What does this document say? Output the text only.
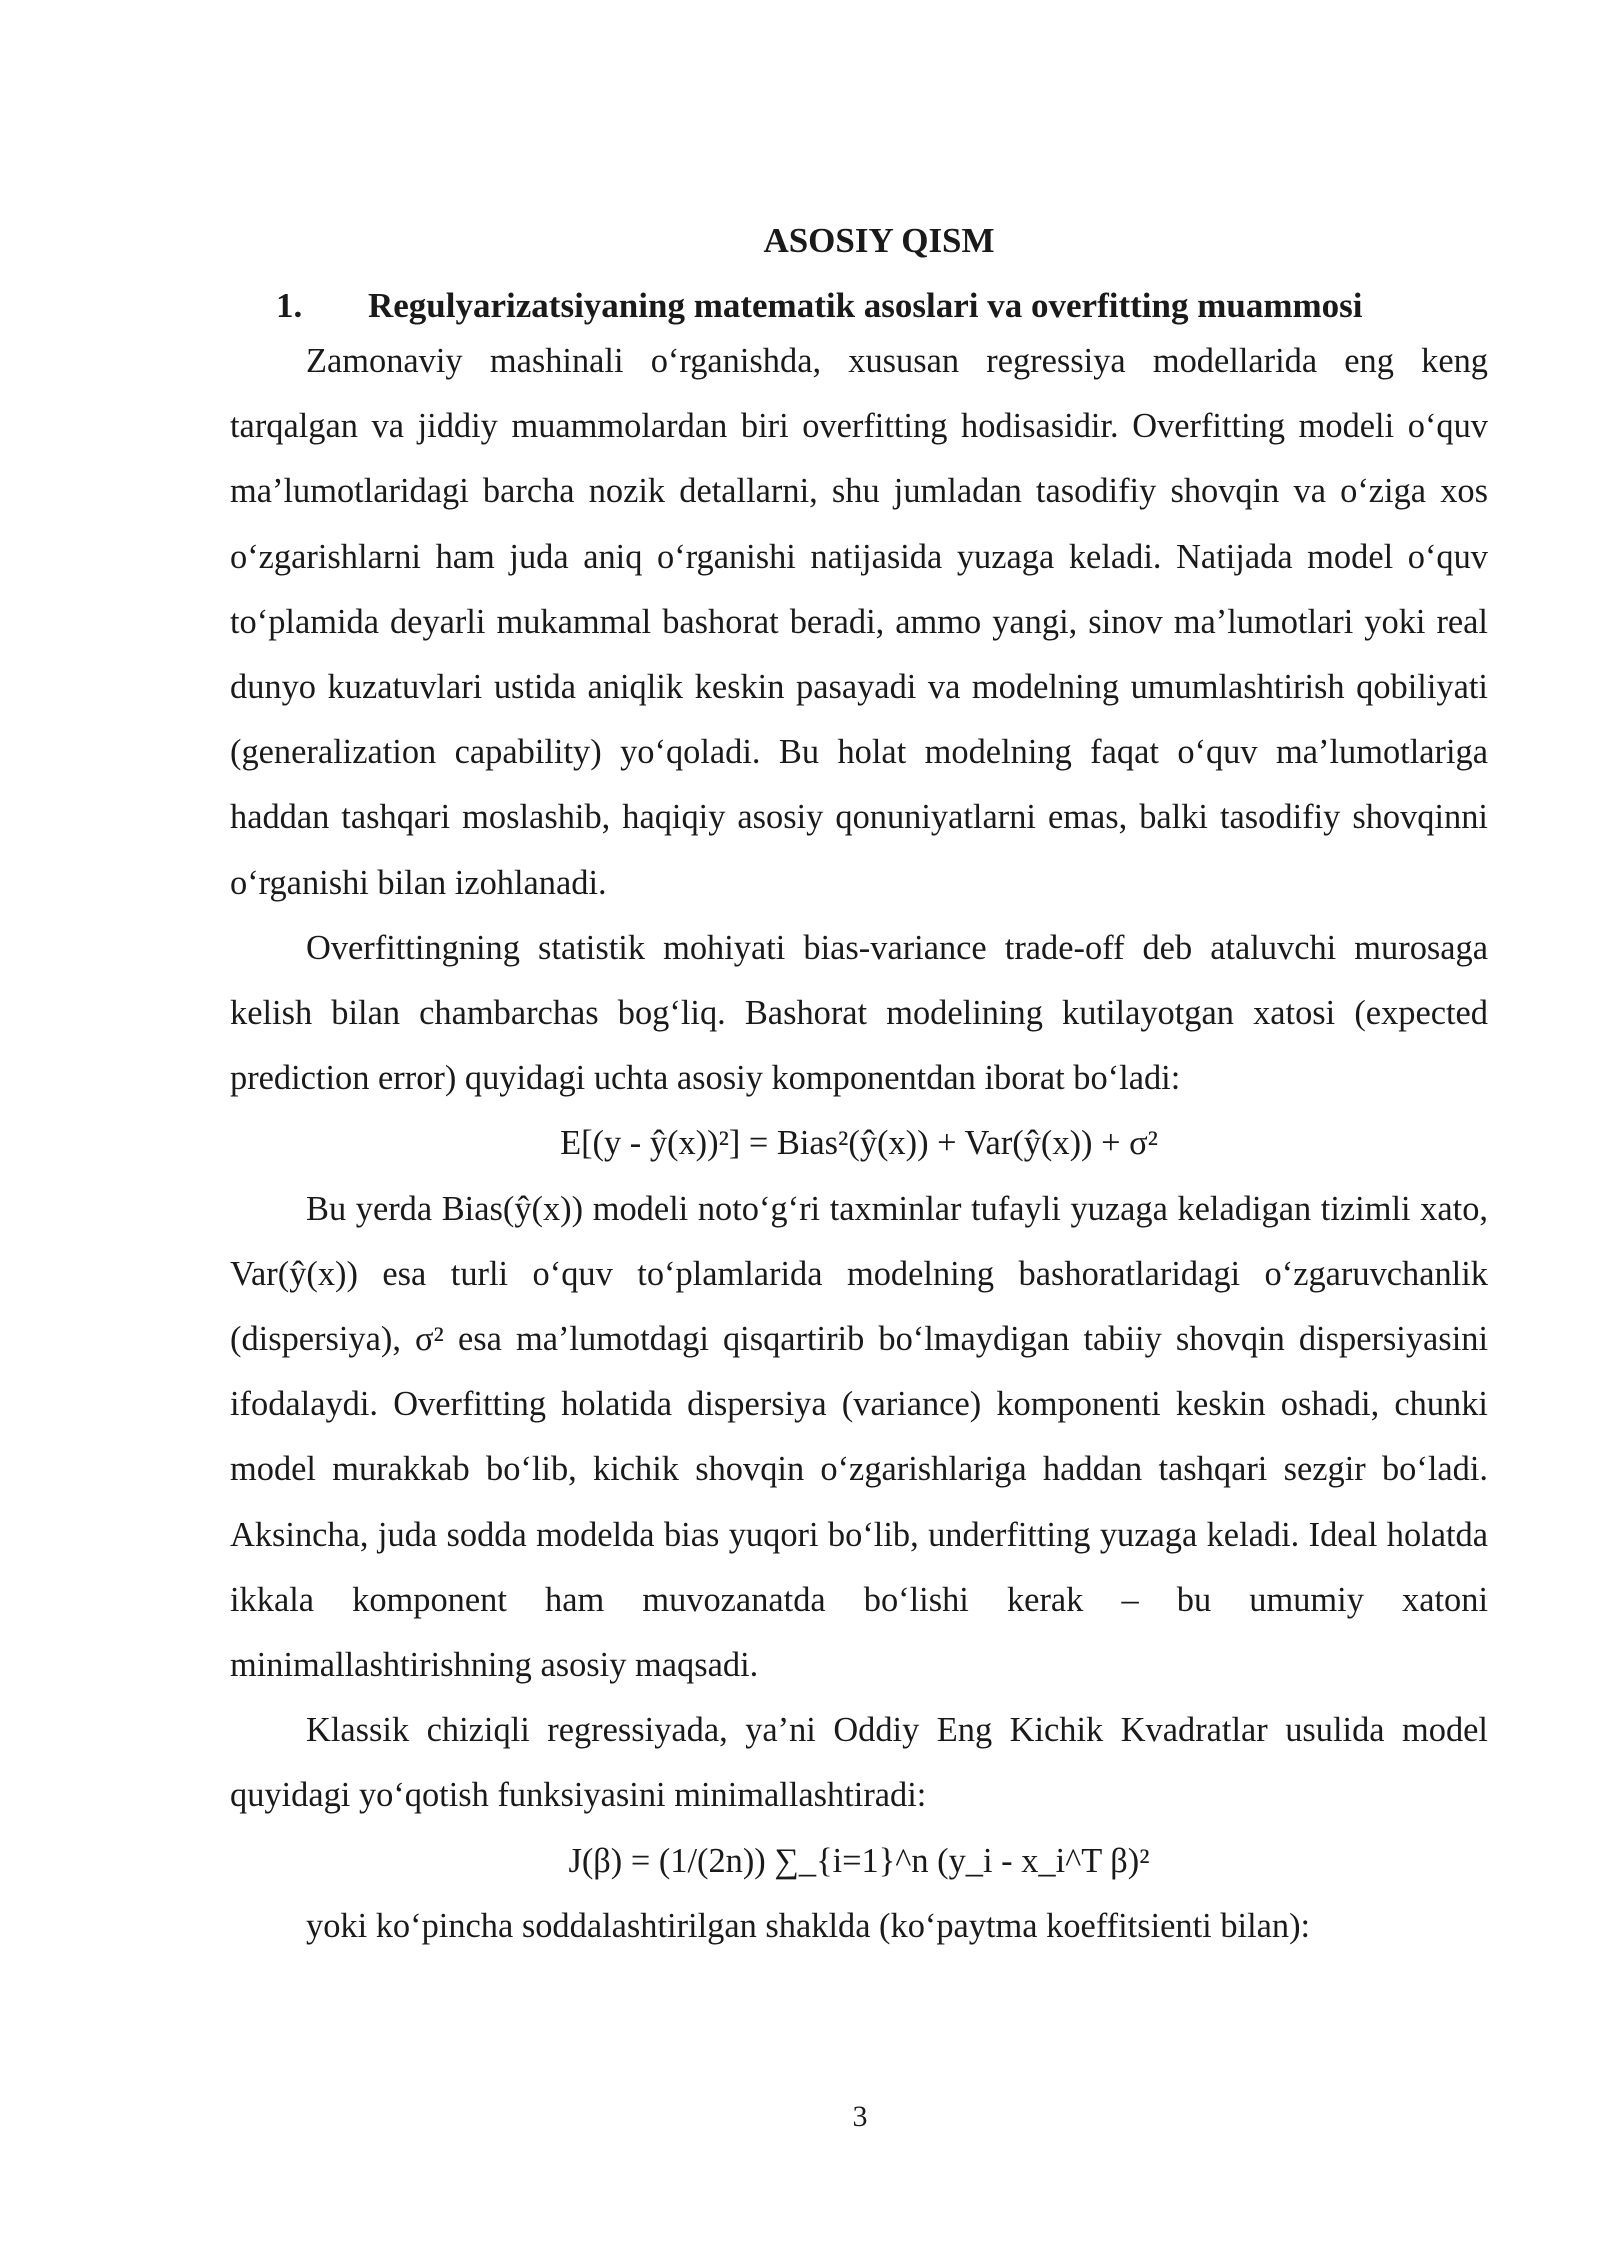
ASOSIY QISM
1.	Regulyarizatsiyaning matematik asoslari va overfitting muammosi

Zamonaviy mashinali o‘rganishda, xususan regressiya modellarida eng keng tarqalgan va jiddiy muammolardan biri overfitting hodisasidir. Overfitting modeli o‘quv ma’lumotlaridagi barcha nozik detallarni, shu jumladan tasodifiy shovqin va o‘ziga xos o‘zgarishlarni ham juda aniq o‘rganishi natijasida yuzaga keladi. Natijada model o‘quv to‘plamida deyarli mukammal bashorat beradi, ammo yangi, sinov ma’lumotlari yoki real dunyo kuzatuvlari ustida aniqlik keskin pasayadi va modelning umumlashtirish qobiliyati (generalization capability) yo‘qoladi. Bu holat modelning faqat o‘quv ma’lumotlariga haddan tashqari moslashib, haqiqiy asosiy qonuniyatlarni emas, balki tasodifiy shovqinni o‘rganishi bilan izohlanadi.

Overfittingning statistik mohiyati bias-variance trade-off deb ataluvchi murosaga kelish bilan chambarchas bog‘liq. Bashorat modelining kutilayotgan xatosi (expected prediction error) quyidagi uchta asosiy komponentdan iborat bo‘ladi:

E[(y - ŷ(x))²] = Bias²(ŷ(x)) + Var(ŷ(x)) + σ²

Bu yerda Bias(ŷ(x)) modeli noto‘g‘ri taxminlar tufayli yuzaga keladigan tizimli xato, Var(ŷ(x)) esa turli o‘quv to‘plamlarida modelning bashoratlaridagi o‘zgaruvchanlik (dispersiya), σ² esa ma’lumotdagi qisqartirib bo‘lmaydigan tabiiy shovqin dispersiyasini ifodalaydi. Overfitting holatida dispersiya (variance) komponenti keskin oshadi, chunki model murakkab bo‘lib, kichik shovqin o‘zgarishlariga haddan tashqari sezgir bo‘ladi. Aksincha, juda sodda modelda bias yuqori bo‘lib, underfitting yuzaga keladi. Ideal holatda ikkala komponent ham muvozanatda bo‘lishi kerak – bu umumiy xatoni minimallashtirishning asosiy maqsadi.

Klassik chiziqli regressiyada, ya’ni Oddiy Eng Kichik Kvadratlar usulida model quyidagi yo‘qotish funksiyasini minimallashtiradi:

J(β) = (1/(2n)) ∑_{i=1}^n (y_i - x_i^T β)²

yoki ko‘pincha soddalashtirilgan shaklda (ko‘paytma koeffitsienti bilan):

3
